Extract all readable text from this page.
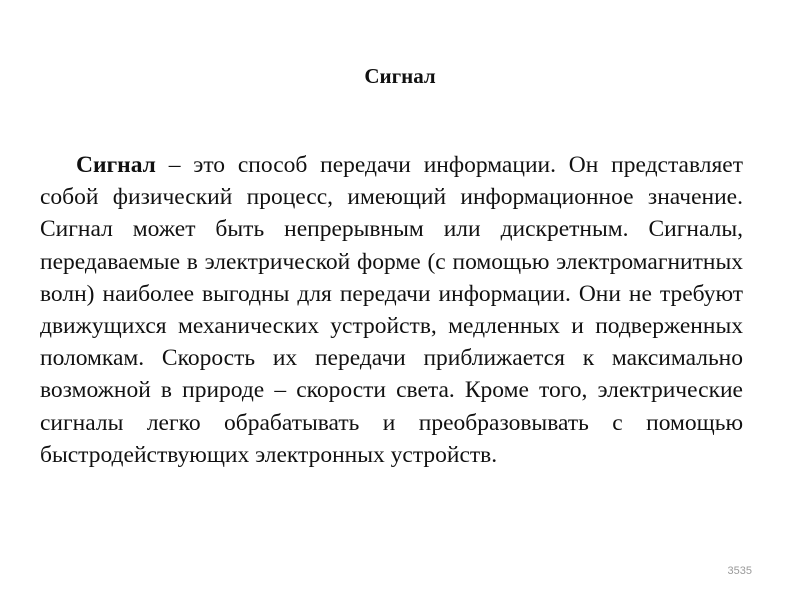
Сигнал

Сигнал – это способ передачи информации. Он представляет собой физический процесс, имеющий информационное значение. Сигнал может быть непрерывным или дискретным. Сигналы, передаваемые в электрической форме (с помощью электромагнитных волн) наиболее выгодны для передачи информации. Они не требуют движущихся механических устройств, медленных и подверженных поломкам. Скорость их передачи приближается к максимально возможной в природе – скорости света. Кроме того, электрические сигналы легко обрабатывать и преобразовывать с помощью быстродействующих электронных устройств.

3535
